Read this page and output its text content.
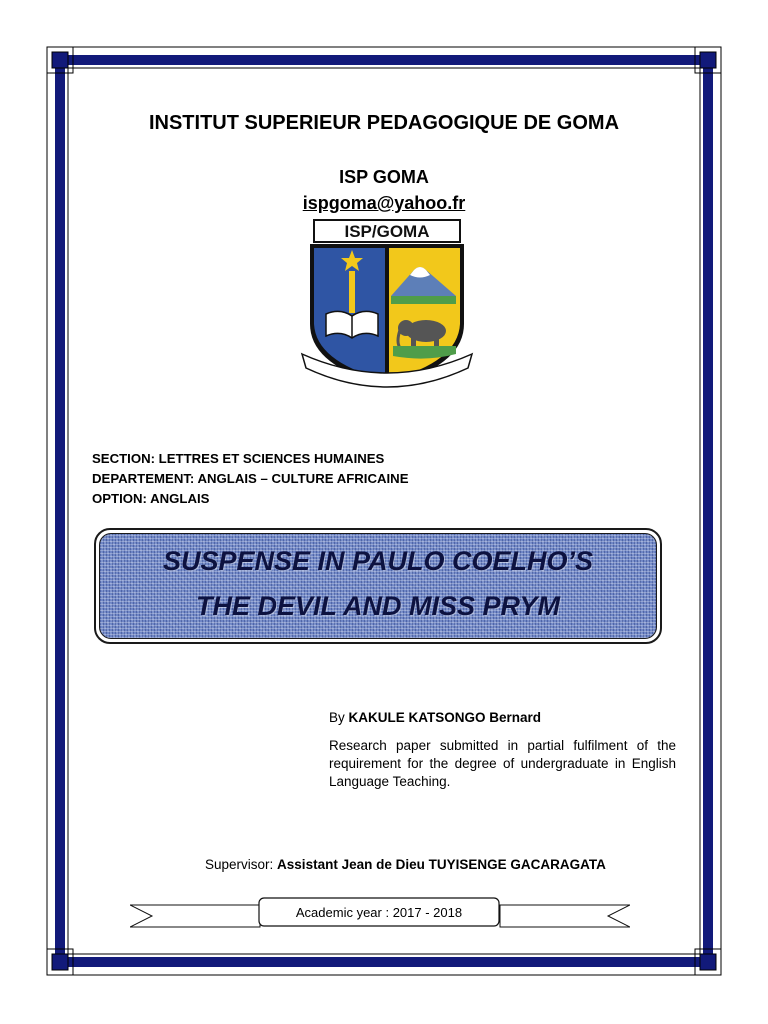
INSTITUT SUPERIEUR PEDAGOGIQUE DE GOMA
ISP GOMA
ispgoma@yahoo.fr
ISP/GOMA
SECTION: LETTRES ET SCIENCES HUMAINES
DEPARTEMENT: ANGLAIS – CULTURE AFRICAINE
OPTION: ANGLAIS
SUSPENSE IN PAULO COELHO’S
THE DEVIL AND MISS PRYM
By KAKULE KATSONGO Bernard
Research paper submitted in partial fulfilment of the requirement for the degree of undergraduate in English Language Teaching.
Supervisor: Assistant Jean de Dieu TUYISENGE GACARAGATA
Academic year : 2017 - 2018
